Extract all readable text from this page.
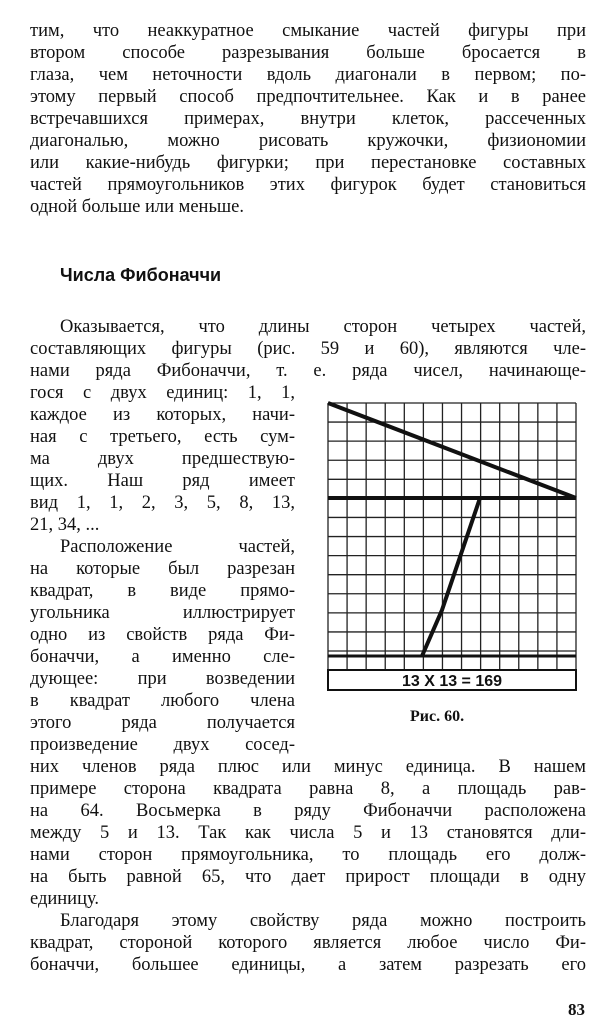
тим, что неаккуратное смыкание частей фигуры при
втором способе разрезывания больше бросается в
глаза, чем неточности вдоль диагонали в первом; по-
этому первый способ предпочтительнее. Как и в ранее
встречавшихся примерах, внутри клеток, рассеченных
диагональю, можно рисовать кружочки, физиономии
или какие-нибудь фигурки; при перестановке составных
частей прямоугольников этих фигурок будет становиться
одной больше или меньше.
Числа Фибоначчи
Оказывается, что длины сторон четырех частей,
составляющих фигуры (рис. 59 и 60), являются чле-
нами ряда Фибоначчи, т. е. ряда чисел, начинающе-
гося с двух единиц: 1, 1,
каждое из которых, начи-
ная с третьего, есть сум-
ма двух предшествую-
щих. Наш ряд имеет
вид 1, 1, 2, 3, 5, 8, 13,
21, 34, ...
Расположение частей,
на которые был разрезан
квадрат, в виде прямо-
угольника иллюстрирует
одно из свойств ряда Фи-
боначчи, а именно сле-
дующее: при возведении
в квадрат любого члена
этого ряда получается
произведение двух сосед-
них членов ряда плюс или минус единица. В нашем
примере сторона квадрата равна 8, а площадь рав-
на 64. Восьмерка в ряду Фибоначчи расположена
между 5 и 13. Так как числа 5 и 13 становятся дли-
нами сторон прямоугольника, то площадь его долж-
на быть равной 65, что дает прирост площади в одну
единицу.
Благодаря этому свойству ряда можно построить
квадрат, стороной которого является любое число Фи-
боначчи, большее единицы, а затем разрезать его
13 X 13 = 169
Рис. 60.
83
